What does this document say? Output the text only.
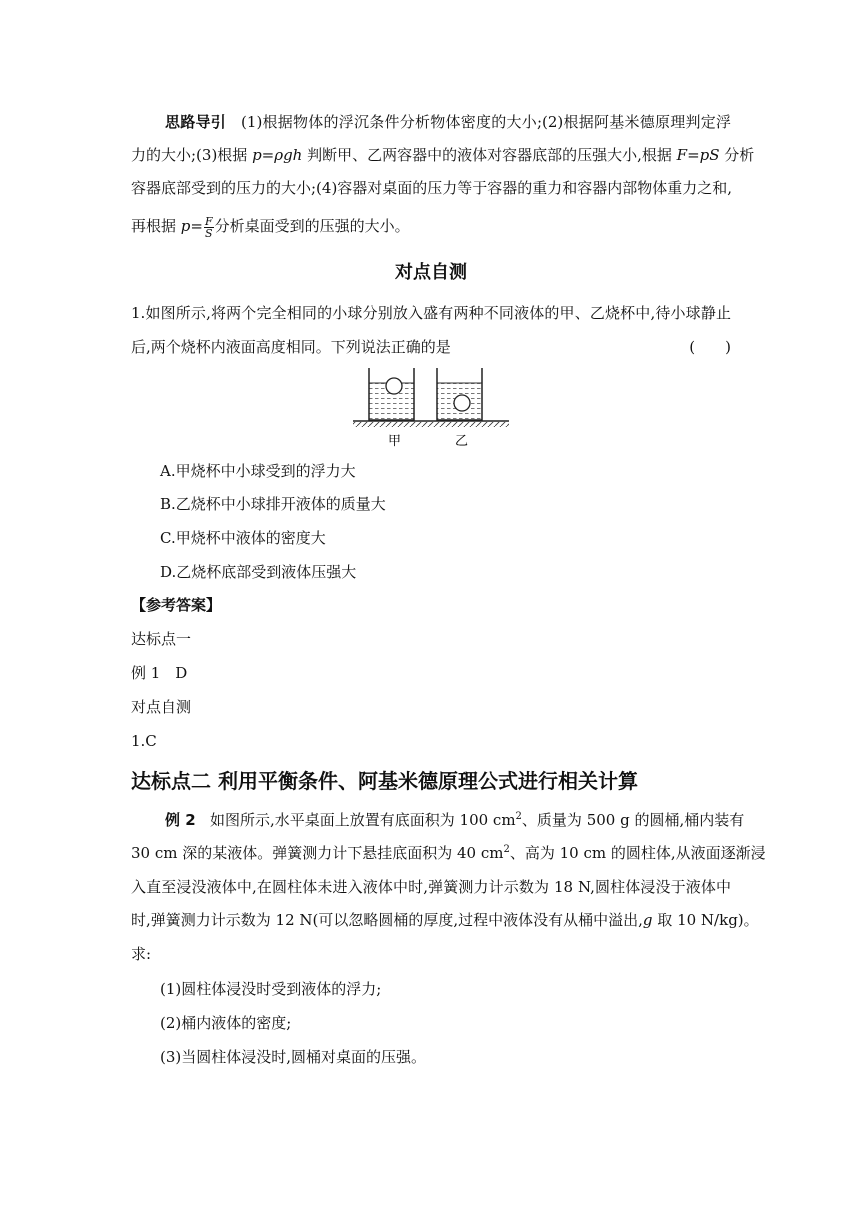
思路导引 (1)根据物体的浮沉条件分析物体密度的大小;(2)根据阿基米德原理判定浮
力的大小;(3)根据 p=ρgh 判断甲、乙两容器中的液体对容器底部的压强大小,根据 F=pS 分析
容器底部受到的压力的大小;(4)容器对桌面的压力等于容器的重力和容器内部物体重力之和,
再根据 $p= \frac{F}{S}$ 分析桌面受到的压强的大小。
对点自测
1.如图所示,将两个完全相同的小球分别放入盛有两种不同液体的甲、乙烧杯中,待小球静止
后,两个烧杯内液面高度相同。下列说法正确的是	(　　)
甲	乙
A.甲烧杯中小球受到的浮力大
B.乙烧杯中小球排开液体的质量大
C.甲烧杯中液体的密度大
D.乙烧杯底部受到液体压强大
【参考答案】
达标点一
例 1　D
对点自测
1.C
达标点二 利用平衡条件、阿基米德原理公式进行相关计算
例 2 如图所示,水平桌面上放置有底面积为 100 $cm^2$、质量为 500 g 的圆桶,桶内装有
30 cm 深的某液体。弹簧测力计下悬挂底面积为 40 $cm^2$、高为 10 cm 的圆柱体,从液面逐渐浸
入直至浸没液体中,在圆柱体未进入液体中时,弹簧测力计示数为 18 N,圆柱体浸没于液体中
时,弹簧测力计示数为 12 N(可以忽略圆桶的厚度,过程中液体没有从桶中溢出,g 取 10 N/kg)。
求:
(1)圆柱体浸没时受到液体的浮力;
(2)桶内液体的密度;
(3)当圆柱体浸没时,圆桶对桌面的压强。
